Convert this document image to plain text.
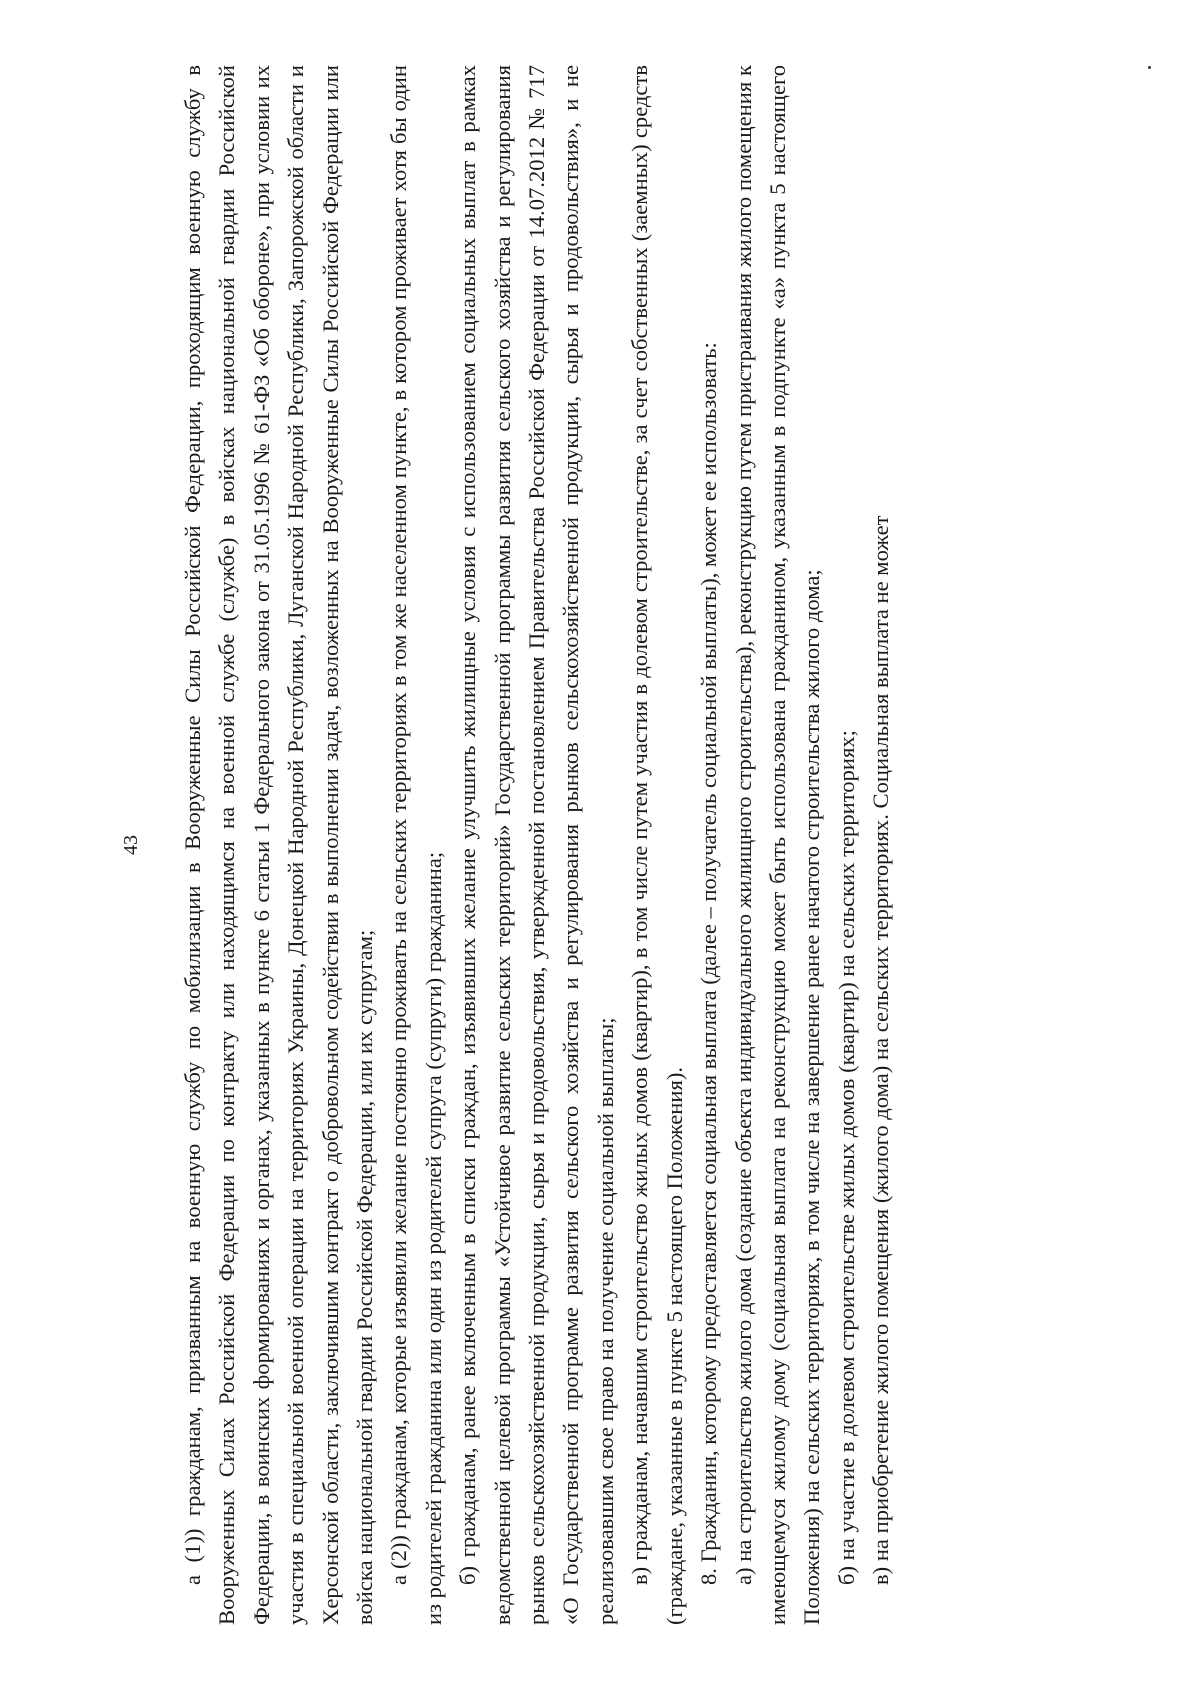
43 а (1)) гражданам, призванным на военную службу по мобилизации в Вооруженные Силы Российской Федерации, проходящим военную службу в Вооруженных Силах Российской Федерации по контракту или находящимся на военной службе (службе) в войсках национальной гвардии Российской Федерации, в воинских формированиях и органах, указанных в пункте 6 статьи 1 Федерального закона от 31.05.1996 № 61-ФЗ «Об обороне», при условии их участия в специальной военной операции на территориях Украины, Донецкой Народной Республики, Луганской Народной Республики, Запорожской области и Херсонской области, заключившим контракт о добровольном содействии в выполнении задач, возложенных на Вооруженные Силы Российской Федерации или войска национальной гвардии Российской Федерации, или их супругам; а (2)) гражданам, которые изъявили желание постоянно проживать на сельских территориях в том же населенном пункте, в котором проживает хотя бы один из родителей гражданина или один из родителей супруга (супруги) гражданина; б) гражданам, ранее включенным в списки граждан, изъявивших желание улучшить жилищные условия с использованием социальных выплат в рамках ведомственной целевой программы «Устойчивое развитие сельских территорий» Государственной программы развития сельского хозяйства и регулирования рынков сельскохозяйственной продукции, сырья и продовольствия, утвержденной постановлением Правительства Российской Федерации от 14.07.2012 № 717 «О Государственной программе развития сельского хозяйства и регулирования рынков сельскохозяйственной продукции, сырья и продовольствия», и не реализовавшим свое право на получение социальной выплаты; в) гражданам, начавшим строительство жилых домов (квартир), в том числе путем участия в долевом строительстве, за счет собственных (заемных) средств (граждане, указанные в пункте 5 настоящего Положения). 8. Гражданин, которому предоставляется социальная выплата (далее – получатель социальной выплаты), может ее использовать: а) на строительство жилого дома (создание объекта индивидуального жилищного строительства), реконструкцию путем пристраивания жилого помещения к имеющемуся жилому дому (социальная выплата на реконструкцию может быть использована гражданином, указанным в подпункте «а» пункта 5 настоящего Положения) на сельских территориях, в том числе на завершение ранее начатого строительства жилого дома; б) на участие в долевом строительстве жилых домов (квартир) на сельских территориях; в) на приобретение жилого помещения (жилого дома) на сельских территориях. Социальная выплата не может
